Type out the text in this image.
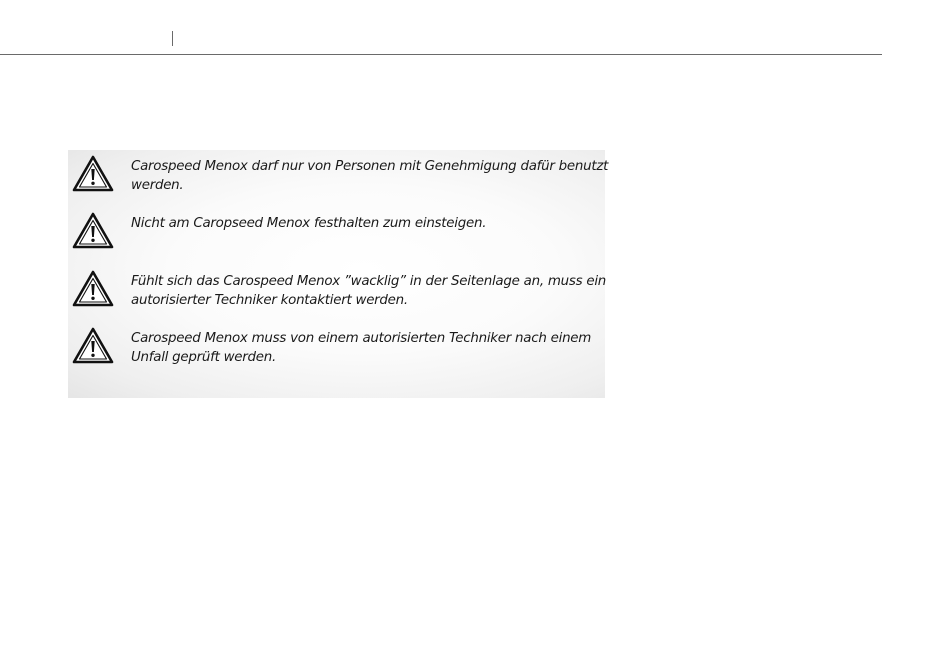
Carospeed Menox darf nur von Personen mit Genehmigung dafür benutzt
werden.

Nicht am Caropseed Menox festhalten zum einsteigen.

Fühlt sich das Carospeed Menox ”wacklig” in der Seitenlage an, muss ein
autorisierter Techniker kontaktiert werden.

Carospeed Menox muss von einem autorisierten Techniker nach einem
Unfall geprüft werden.
